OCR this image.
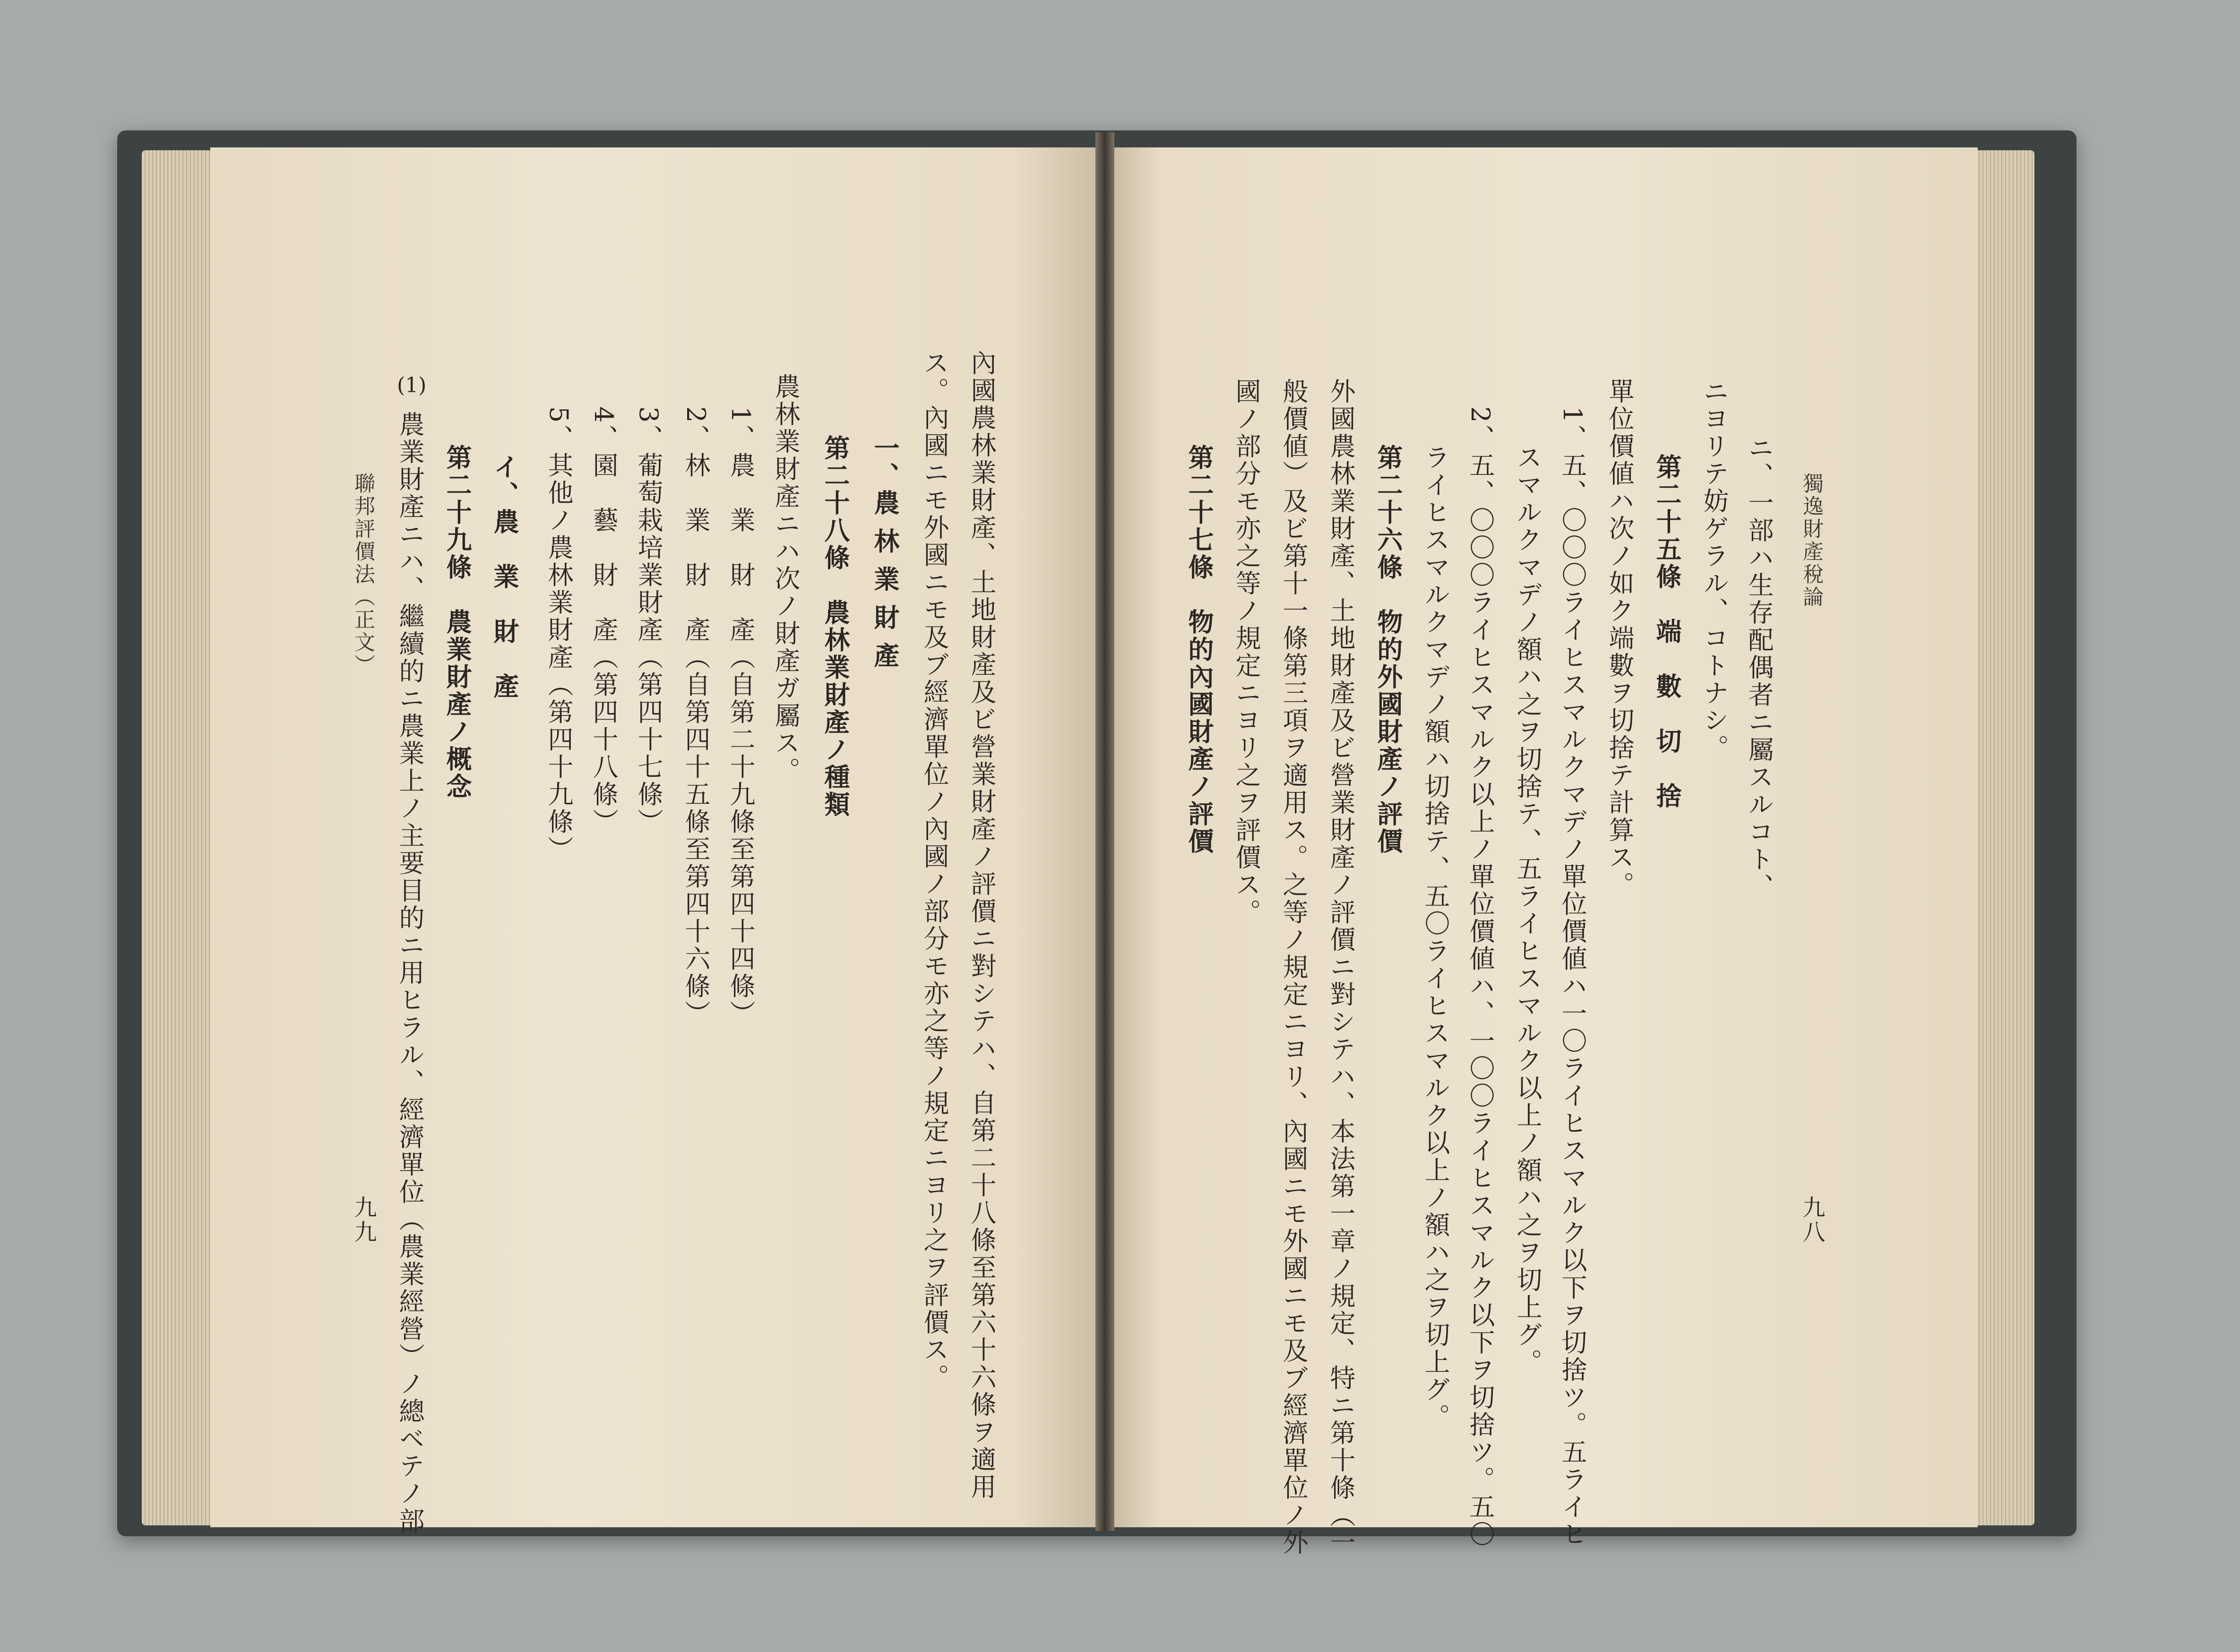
內國農林業財產、土地財產及ビ營業財產ノ評價ニ對シテハ、自第二十八條至第六十六條ヲ適用
ス。內國ニモ外國ニモ及ブ經濟單位ノ內國ノ部分モ亦之等ノ規定ニヨリ之ヲ評價ス。
一、農 林 業 財 產
第二十八條　農林業財產ノ種類
農林業財產ニハ次ノ財產ガ屬ス。
1、農　業　財　產（自第二十九條至第四十四條）
2、林　業　財　產（自第四十五條至第四十六條）
3、葡萄栽培業財產（第四十七條）
4、園　藝　財　產（第四十八條）
5、其他ノ農林業財產（第四十九條）
イ、農　業　財　產
第二十九條　農業財產ノ概念
農業財產ニハ、繼續的ニ農業上ノ主要目的ニ用ヒラル、經濟單位（農業經營）ノ總ベテノ部
(1)
聯邦評價法（正文）
九九
獨逸財產稅論
九八
ニ、一部ハ生存配偶者ニ屬スルコト、
ニヨリテ妨ゲラル、コトナシ。
第二十五條　端　數　切　捨
單位價値ハ次ノ如ク端數ヲ切捨テ計算ス。
1、五、〇〇〇ライヒスマルクマデノ單位價値ハ一〇ライヒスマルク以下ヲ切捨ツ。五ライヒ
スマルクマデノ額ハ之ヲ切捨テ、五ライヒスマルク以上ノ額ハ之ヲ切上グ。
2、五、〇〇〇ライヒスマルク以上ノ單位價値ハ、一〇〇ライヒスマルク以下ヲ切捨ツ。五〇
ライヒスマルクマデノ額ハ切捨テ、五〇ライヒスマルク以上ノ額ハ之ヲ切上グ。
第二十六條　物的外國財產ノ評價
外國農林業財產、土地財產及ビ營業財產ノ評價ニ對シテハ、本法第一章ノ規定、特ニ第十條（一
般價値）及ビ第十一條第三項ヲ適用ス。之等ノ規定ニヨリ、內國ニモ外國ニモ及ブ經濟單位ノ外
國ノ部分モ亦之等ノ規定ニヨリ之ヲ評價ス。
第二十七條　物的內國財產ノ評價
